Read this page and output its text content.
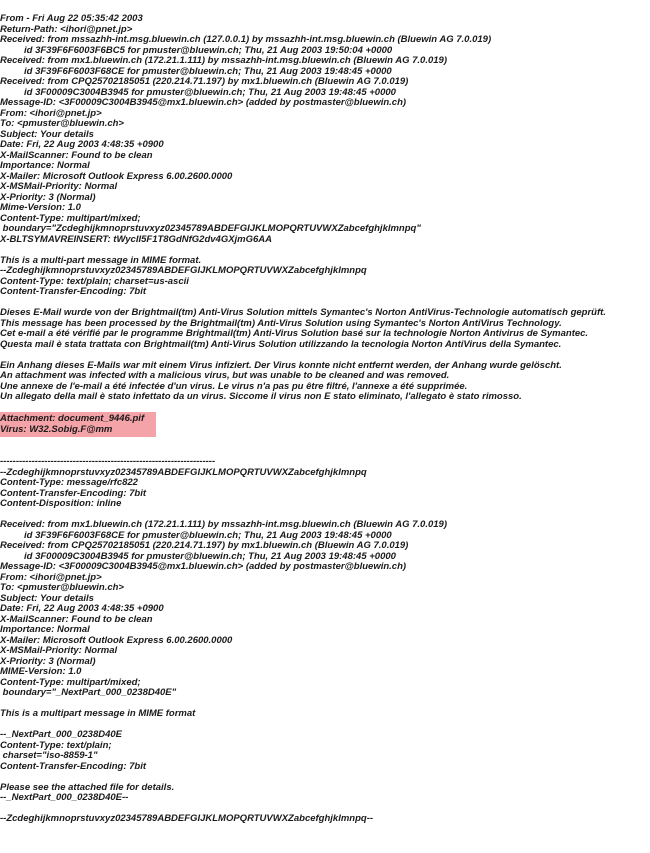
From - Fri Aug 22 05:35:42 2003
Return-Path: <ihori@pnet.jp>
Received: from mssazhh-int.msg.bluewin.ch (127.0.0.1) by mssazhh-int.msg.bluewin.ch (Bluewin AG 7.0.019)
id 3F39F6F6003F6BC5 for pmuster@bluewin.ch; Thu, 21 Aug 2003 19:50:04 +0000
Received: from mx1.bluewin.ch (172.21.1.111) by mssazhh-int.msg.bluewin.ch (Bluewin AG 7.0.019)
id 3F39F6F6003F68CE for pmuster@bluewin.ch; Thu, 21 Aug 2003 19:48:45 +0000
Received: from CPQ25702185051 (220.214.71.197) by mx1.bluewin.ch (Bluewin AG 7.0.019)
id 3F00009C3004B3945 for pmuster@bluewin.ch; Thu, 21 Aug 2003 19:48:45 +0000
Message-ID: <3F00009C3004B3945@mx1.bluewin.ch> (added by postmaster@bluewin.ch)
From: <ihori@pnet.jp>
To: <pmuster@bluewin.ch>
Subject: Your details
Date: Fri, 22 Aug 2003 4:48:35 +0900
X-MailScanner: Found to be clean
Importance: Normal
X-Mailer: Microsoft Outlook Express 6.00.2600.0000
X-MSMail-Priority: Normal
X-Priority: 3 (Normal)
Mime-Version: 1.0
Content-Type: multipart/mixed;
boundary="Zcdeghijkmnoprstuvxyz02345789ABDEFGIJKLMOPQRTUVWXZabcefghjklmnpq"
X-BLTSYMAVREINSERT: tWycII5F1T8GdNfG2dv4GXjmG6AA
This is a multi-part message in MIME format.
--Zcdeghijkmnoprstuvxyz02345789ABDEFGIJKLMOPQRTUVWXZabcefghjklmnpq
Content-Type: text/plain; charset=us-ascii
Content-Transfer-Encoding: 7bit
Dieses E-Mail wurde von der Brightmail(tm) Anti-Virus Solution mittels Symantec's Norton AntiVirus-Technologie automatisch geprüft.
This message has been processed by the Brightmail(tm) Anti-Virus Solution using Symantec's Norton AntiVirus Technology.
Cet e-mail a été vérifié par le programme Brightmail(tm) Anti-Virus Solution basé sur la technologie Norton Antivirus de Symantec.
Questa mail è stata trattata con Brightmail(tm) Anti-Virus Solution utilizzando la tecnologia Norton AntiVirus della Symantec.
Ein Anhang dieses E-Mails war mit einem Virus infiziert. Der Virus konnte nicht entfernt werden, der Anhang wurde gelöscht.
An attachment was infected with a malicious virus, but was unable to be cleaned and was removed.
Une annexe de l'e-mail a été infectée d'un virus. Le virus n'a pas pu être filtré, l'annexe a été supprimée.
Un allegato della mail è stato infettato da un virus. Siccome il virus non È stato eliminato, l'allegato è stato rimosso.
Attachment: document_9446.pif
Virus: W32.Sobig.F@mm
--------------------------------------------------------------------
--Zcdeghijkmnoprstuvxyz02345789ABDEFGIJKLMOPQRTUVWXZabcefghjklmnpq
Content-Type: message/rfc822
Content-Transfer-Encoding: 7bit
Content-Disposition: inline
Received: from mx1.bluewin.ch (172.21.1.111) by mssazhh-int.msg.bluewin.ch (Bluewin AG 7.0.019)
id 3F39F6F6003F68CE for pmuster@bluewin.ch; Thu, 21 Aug 2003 19:48:45 +0000
Received: from CPQ25702185051 (220.214.71.197) by mx1.bluewin.ch (Bluewin AG 7.0.019)
id 3F00009C3004B3945 for pmuster@bluewin.ch; Thu, 21 Aug 2003 19:48:45 +0000
Message-ID: <3F00009C3004B3945@mx1.bluewin.ch> (added by postmaster@bluewin.ch)
From: <ihori@pnet.jp>
To: <pmuster@bluewin.ch>
Subject: Your details
Date: Fri, 22 Aug 2003 4:48:35 +0900
X-MailScanner: Found to be clean
Importance: Normal
X-Mailer: Microsoft Outlook Express 6.00.2600.0000
X-MSMail-Priority: Normal
X-Priority: 3 (Normal)
MIME-Version: 1.0
Content-Type: multipart/mixed;
boundary="_NextPart_000_0238D40E"
This is a multipart message in MIME format
--_NextPart_000_0238D40E
Content-Type: text/plain;
charset="iso-8859-1"
Content-Transfer-Encoding: 7bit
Please see the attached file for details.
--_NextPart_000_0238D40E--
--Zcdeghijkmnoprstuvxyz02345789ABDEFGIJKLMOPQRTUVWXZabcefghjklmnpq--
